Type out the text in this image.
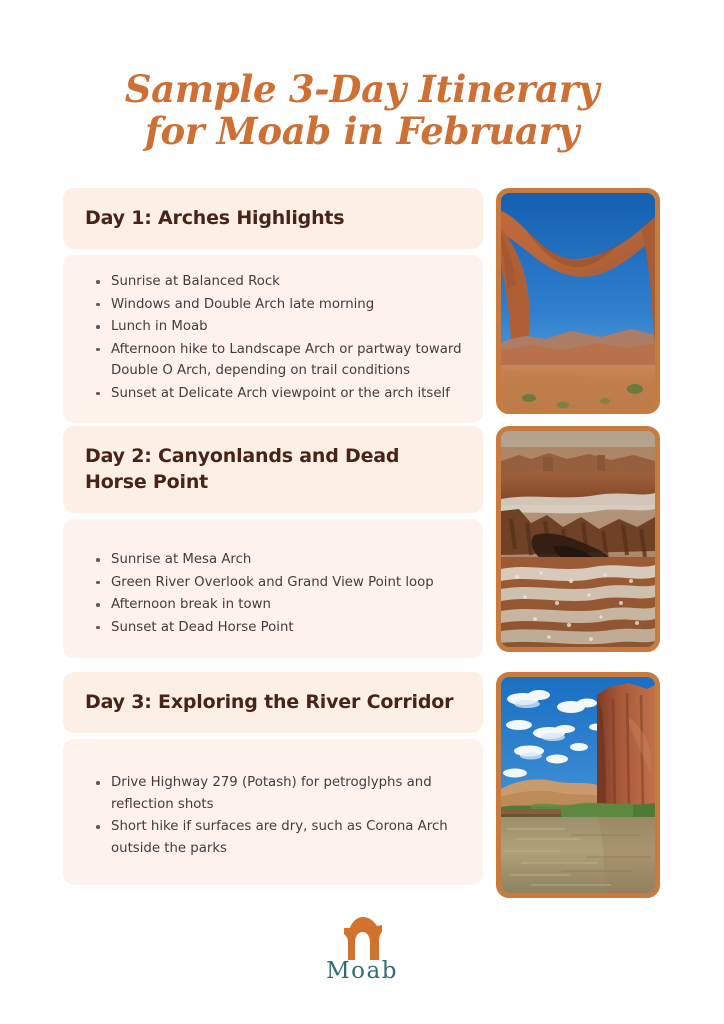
Sample 3-Day Itinerary
for Moab in February
Day 1: Arches Highlights
Sunrise at Balanced Rock
Windows and Double Arch late morning
Lunch in Moab
Afternoon hike to Landscape Arch or partway toward Double O Arch, depending on trail conditions
Sunset at Delicate Arch viewpoint or the arch itself
Day 2: Canyonlands and Dead Horse Point
Sunrise at Mesa Arch
Green River Overlook and Grand View Point loop
Afternoon break in town
Sunset at Dead Horse Point
Day 3: Exploring the River Corridor
Drive Highway 279 (Potash) for petroglyphs and reflection shots
Short hike if surfaces are dry, such as Corona Arch outside the parks
Moab
